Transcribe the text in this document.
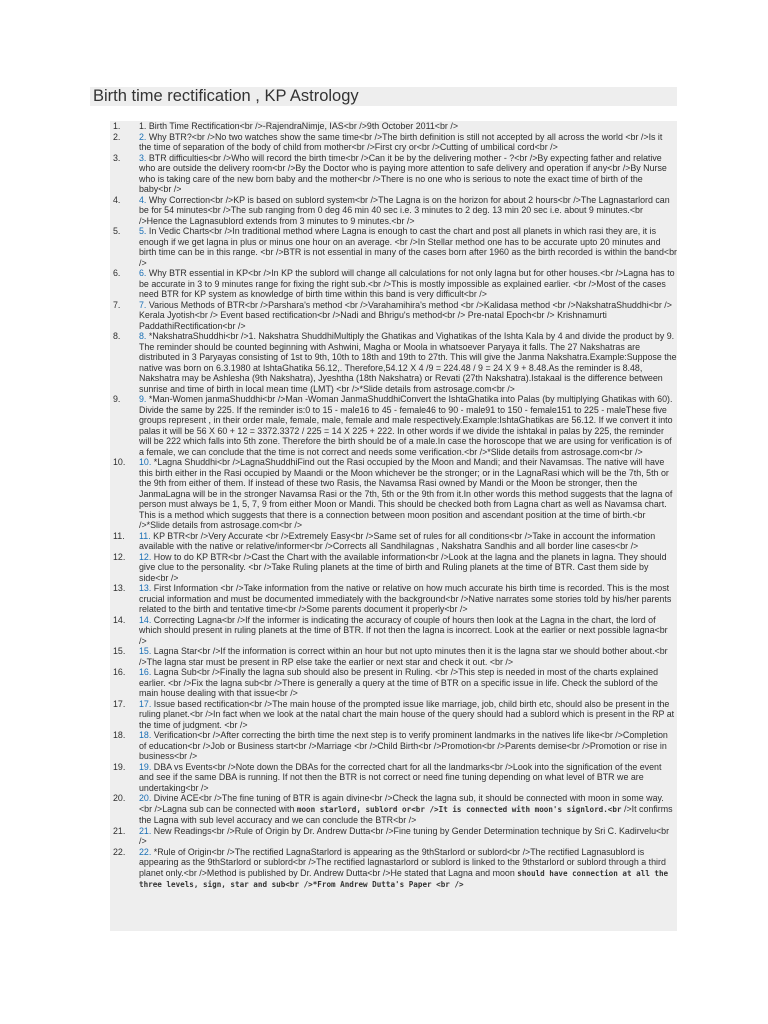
Birth time rectification , KP Astrology
1.	1. Birth Time Rectification<br />-RajendraNimje, IAS<br />9th October 2011<br />
2.	2. Why BTR?<br />No two watches show the same time<br />The birth definition is still not accepted by all across the world <br />Is it the time of separation of the body of child from mother<br />First cry or<br />Cutting of umbilical cord<br />
3.	3. BTR difficulties<br />Who will record the birth time<br />Can it be by the delivering mother - ?<br />By expecting father and relative who are outside the delivery room<br />By the Doctor who is paying more attention to safe delivery and operation if any<br />By Nurse who is taking care of the new born baby and the mother<br />There is no one who is serious to note the exact time of birth of the baby<br />
4.	4. Why Correction<br />KP is based on sublord system<br />The Lagna is on the horizon for about 2 hours<br />The Lagnastarlord can be for 54 minutes<br />The sub ranging from 0 deg 46 min 40 sec i.e. 3 minutes to 2 deg. 13 min 20 sec i.e. about 9 minutes.<br />Hence the Lagnasublord extends from 3 minutes to 9 minutes.<br />
5.	5. In Vedic Charts<br />In traditional method where Lagna is enough to cast the chart and post all planets in which rasi they are, it is enough if we get lagna in plus or minus one hour on an average. <br />In Stellar method one has to be accurate upto 20 minutes and birth time can be in this range. <br />BTR is not essential in many of the cases born after 1960 as the birth recorded is within the band<br />
6.	6. Why BTR essential in KP<br />In KP the sublord will change all calculations for not only lagna but for other houses.<br />Lagna has to be accurate in 3 to 9 minutes range for fixing the right sub.<br />This is mostly impossible as explained earlier. <br />Most of the cases need BTR for KP system as knowledge of birth time within this band is very difficult<br />
7.	7. Various Methods of BTR<br />Parshara's method <br />Varahamihira's method <br />Kalidasa method <br />NakshatraShuddhi<br /> Kerala Jyotish<br /> Event based rectification<br />Nadi and Bhrigu's method<br /> Pre-natal Epoch<br /> Krishnamurti PaddathiRectification<br />
8.	8. *NakshatraShuddhi<br />1. Nakshatra ShuddhiMultiply the Ghatikas and Vighatikas of the Ishta Kala by 4 and divide the product by 9. The reminder should be counted beginning with Ashwini, Magha or Moola in whatsoever Paryaya it falls. The 27 Nakshatras are distributed in 3 Paryayas consisting of 1st to 9th, 10th to 18th and 19th to 27th. This will give the Janma Nakshatra.Example:Suppose the native was born on 6.3.1980 at IshtaGhatika 56.12,. Therefore,54.12 X 4 /9 = 224.48 / 9 = 24 X 9 + 8.48.As the reminder is 8.48, Nakshatra may be Ashlesha (9th Nakshatra), Jyeshtha (18th Nakshatra) or Revati (27th Nakshatra).Istakaal is the difference between sunrise and time of birth in local mean time (LMT) <br />*Slide details from astrosage.com<br />
9.	9. *Man-Women janmaShuddhi<br />Man -Woman JanmaShuddhiConvert the IshtaGhatika into Palas (by multiplying Ghatikas with 60). Divide the same by 225. If the reminder is:0 to 15 - male16 to 45 - female46 to 90 - male91 to 150 - female151 to 225 - maleThese five groups represent , in their order male, female, male, female and male respectively.Example:IshtaGhatikas are 56.12. If we convert it into palas it will be 56 X 60 + 12 = 3372.3372 / 225 = 14 X 225 + 222. In other words if we divide the ishtakal in palas by 225, the reminder will be 222 which falls into 5th zone. Therefore the birth should be of a male.In case the horoscope that we are using for verification is of a female, we can conclude that the time is not correct and needs some verification.<br />*Slide details from astrosage.com<br />
10.	10. *Lagna Shuddhi<br />LagnaShuddhiFind out the Rasi occupied by the Moon and Mandi; and their Navamsas. The native will have this birth either in the Rasi occupied by Maandi or the Moon whichever be the stronger; or in the LagnaRasi which will be the 7th, 5th or the 9th from either of them. If instead of these two Rasis, the Navamsa Rasi owned by Mandi or the Moon be stronger, then the JanmaLagna will be in the stronger Navamsa Rasi or the 7th, 5th or the 9th from it.In other words this method suggests that the lagna of person must always be 1, 5, 7, 9 from either Moon or Mandi. This should be checked both from Lagna chart as well as Navamsa chart. This is a method which suggests that there is a connection between moon position and ascendant position at the time of birth.<br />*Slide details from astrosage.com<br />
11.	11. KP BTR<br />Very Accurate <br />Extremely Easy<br />Same set of rules for all conditions<br />Take in account the information available with the native or relative/informer<br />Corrects all Sandhilagnas , Nakshatra Sandhis and all border line cases<br />
12.	12. How to do KP BTR<br />Cast the Chart with the available information<br />Look at the lagna and the planets in lagna. They should give clue to the personality. <br />Take Ruling planets at the time of birth and Ruling planets at the time of BTR. Cast them side by side<br />
13.	13. First Information <br />Take information from the native or relative on how much accurate his birth time is recorded. This is the most crucial information and must be documented immediately with the background<br />Native narrates some stories told by his/her parents related to the birth and tentative time<br />Some parents document it properly<br />
14.	14. Correcting Lagna<br />If the informer is indicating the accuracy of couple of hours then look at the Lagna in the chart, the lord of which should present in ruling planets at the time of BTR. If not then the lagna is incorrect. Look at the earlier or next possible lagna<br />
15.	15. Lagna Star<br />If the information is correct within an hour but not upto minutes then it is the lagna star we should bother about.<br />The lagna star must be present in RP else take the earlier or next star and check it out. <br />
16.	16. Lagna Sub<br />Finally the lagna sub should also be present in Ruling. <br />This step is needed in most of the charts explained earlier. <br />Fix the lagna sub<br />There is generally a query at the time of BTR on a specific issue in life. Check the sublord of the main house dealing with that issue<br />
17.	17. Issue based rectification<br />The main house of the prompted issue like marriage, job, child birth etc, should also be present in the ruling planet.<br />In fact when we look at the natal chart the main house of the query should had a sublord which is present in the RP at the time of judgment. <br />
18.	18. Verification<br />After correcting the birth time the next step is to verify prominent landmarks in the natives life like<br />Completion of education<br />Job or Business start<br />Marriage <br />Child Birth<br />Promotion<br />Parents demise<br />Promotion or rise in business<br />
19.	19. DBA vs Events<br />Note down the DBAs for the corrected chart for all the landmarks<br />Look into the signification of the event and see if the same DBA is running. If not then the BTR is not correct or need fine tuning depending on what level of BTR we are undertaking<br />
20.	20. Divine ACE<br />The fine tuning of BTR is again divine<br />Check the lagna sub, it should be connected with moon in some way. <br />Lagna sub can be connected with moon starlord, sublord or<br />It is connected with moon's signlord.<br />It confirms the Lagna with sub level accuracy and we can conclude the BTR<br />
21.	21. New Readings<br />Rule of Origin by Dr. Andrew Dutta<br />Fine tuning by Gender Determination technique by Sri C. Kadirvelu<br />
22.	22. *Rule of Origin<br />The rectified LagnaStarlord is appearing as the 9thStarlord or sublord<br />The rectified Lagnasublord is appearing as the 9thStarlord or sublord<br />The rectified lagnastarlord or sublord is linked to the 9thstarlord or sublord through a third planet only.<br />Method is published by Dr. Andrew Dutta<br />He stated that Lagna and moon should have connection at all the three levels, sign, star and sub<br />*From Andrew Dutta's Paper <br />
